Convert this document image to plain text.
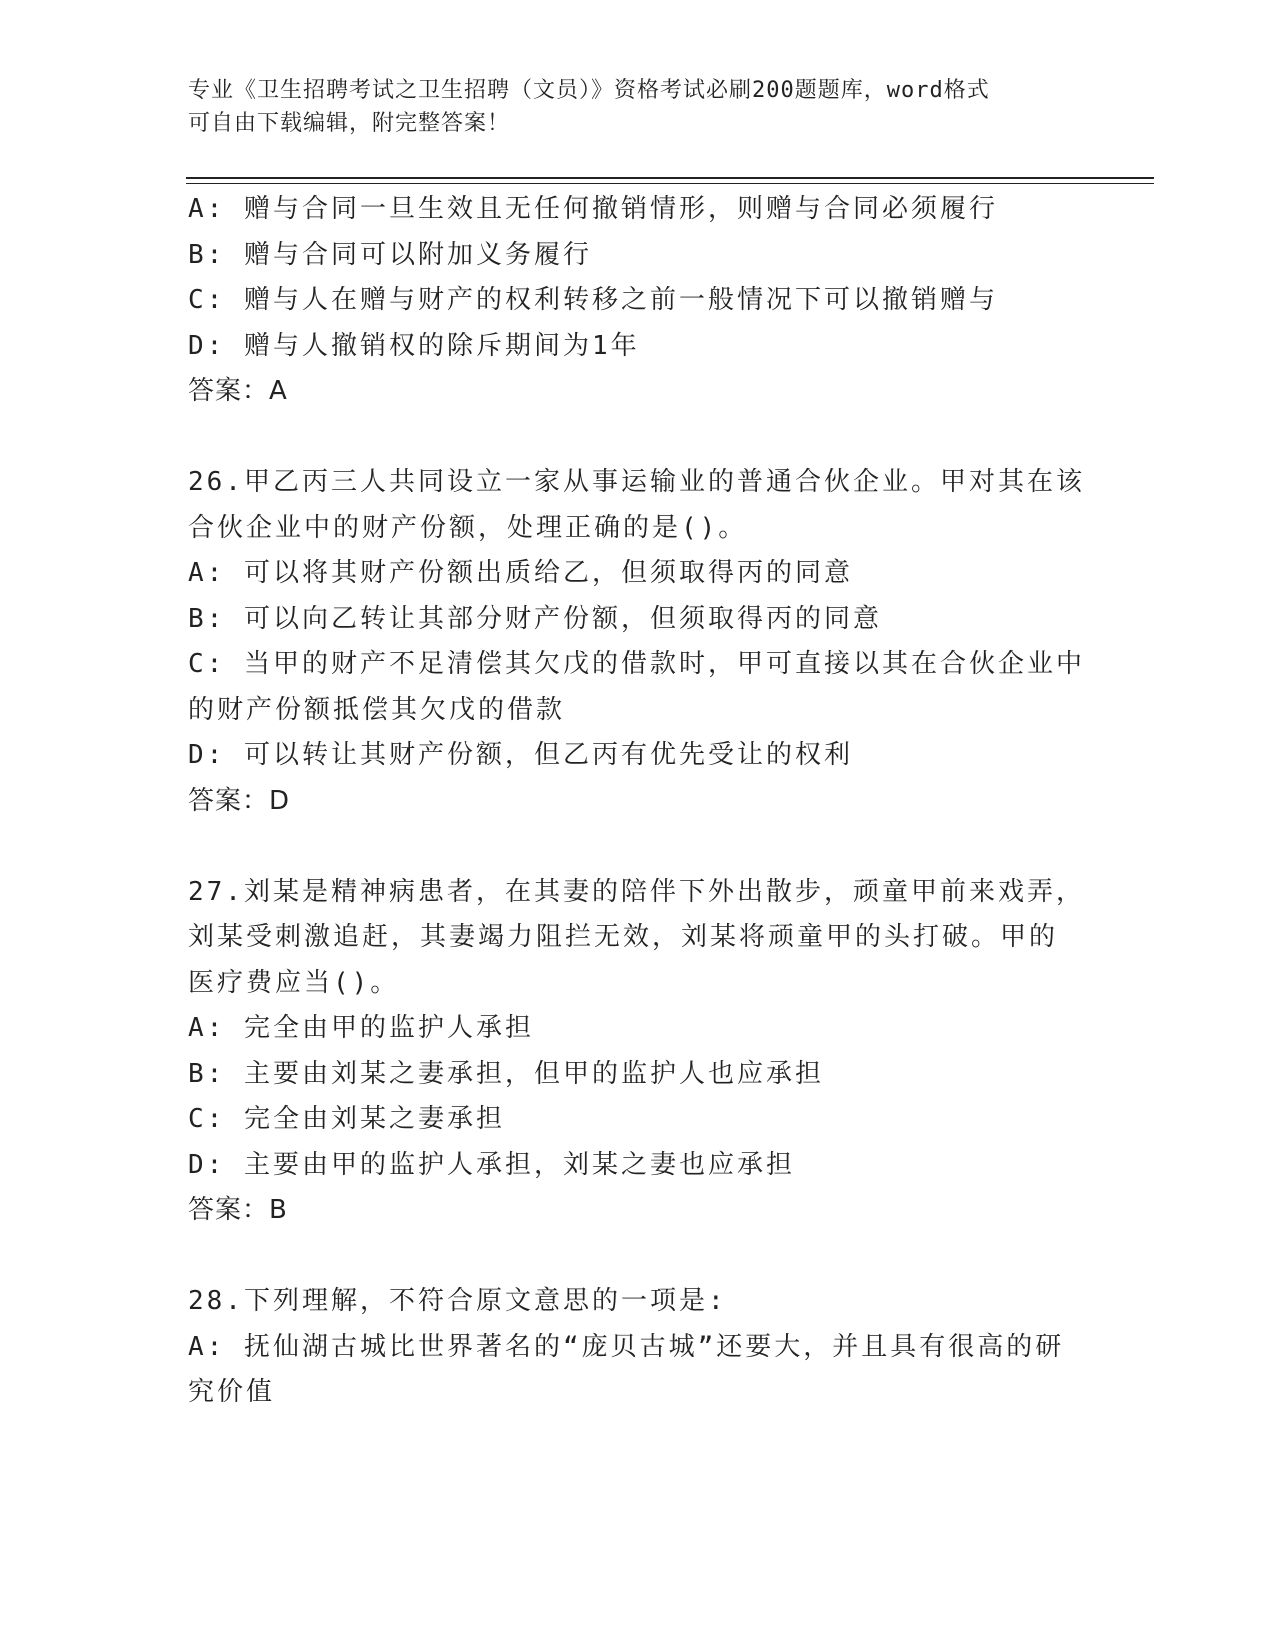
专业《卫生招聘考试之卫生招聘（文员）》资格考试必刷200题题库，word格式
可自由下载编辑，附完整答案！
A: 赠与合同一旦生效且无任何撤销情形，则赠与合同必须履行
B: 赠与合同可以附加义务履行
C: 赠与人在赠与财产的权利转移之前一般情况下可以撤销赠与
D: 赠与人撤销权的除斥期间为1年
答案：A
26.甲乙丙三人共同设立一家从事运输业的普通合伙企业。甲对其在该
合伙企业中的财产份额，处理正确的是()。
A: 可以将其财产份额出质给乙，但须取得丙的同意
B: 可以向乙转让其部分财产份额，但须取得丙的同意
C: 当甲的财产不足清偿其欠戊的借款时，甲可直接以其在合伙企业中
的财产份额抵偿其欠戊的借款
D: 可以转让其财产份额，但乙丙有优先受让的权利
答案：D
27.刘某是精神病患者，在其妻的陪伴下外出散步，顽童甲前来戏弄，
刘某受刺激追赶，其妻竭力阻拦无效，刘某将顽童甲的头打破。甲的
医疗费应当()。
A: 完全由甲的监护人承担
B: 主要由刘某之妻承担，但甲的监护人也应承担
C: 完全由刘某之妻承担
D: 主要由甲的监护人承担，刘某之妻也应承担
答案：B
28.下列理解，不符合原文意思的一项是:
A: 抚仙湖古城比世界著名的“庞贝古城”还要大，并且具有很高的研
究价值
